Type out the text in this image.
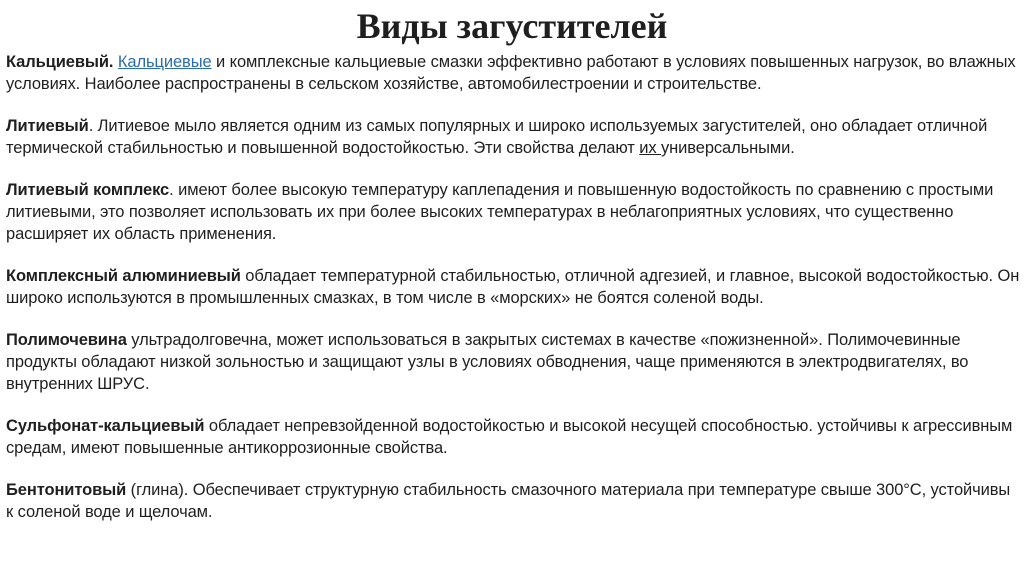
Виды загустителей

Кальциевый. Кальциевые и комплексные кальциевые смазки эффективно работают в условиях повышенных нагрузок, во влажных условиях. Наиболее распространены в сельском хозяйстве, автомобилестроении и строительстве.

Литиевый. Литиевое мыло является одним из самых популярных и широко используемых загустителей, оно обладает отличной термической стабильностью и повышенной водостойкостью. Эти свойства делают их универсальными.

Литиевый комплекс. имеют более высокую температуру каплепадения и повышенную водостойкость по сравнению с простыми литиевыми, это позволяет использовать их при более высоких температурах в неблагоприятных условиях, что существенно расширяет их область применения.

Комплексный алюминиевый обладает температурной стабильностью, отличной адгезией, и главное, высокой водостойкостью. Он широко используются в промышленных смазках, в том числе в «морских» не боятся соленой воды.

Полимочевина ультрадолговечна, может использоваться в закрытых системах в качестве «пожизненной». Полимочевинные продукты обладают низкой зольностью и защищают узлы в условиях обводнения, чаще применяются в электродвигателях, во внутренних ШРУС.

Сульфонат-кальциевый обладает непревзойденной водостойкостью и высокой несущей способностью. устойчивы к агрессивным средам, имеют повышенные антикоррозионные свойства.

Бентонитовый (глина). Обеспечивает структурную стабильность смазочного материала при температуре свыше 300°С, устойчивы к соленой воде и щелочам.
